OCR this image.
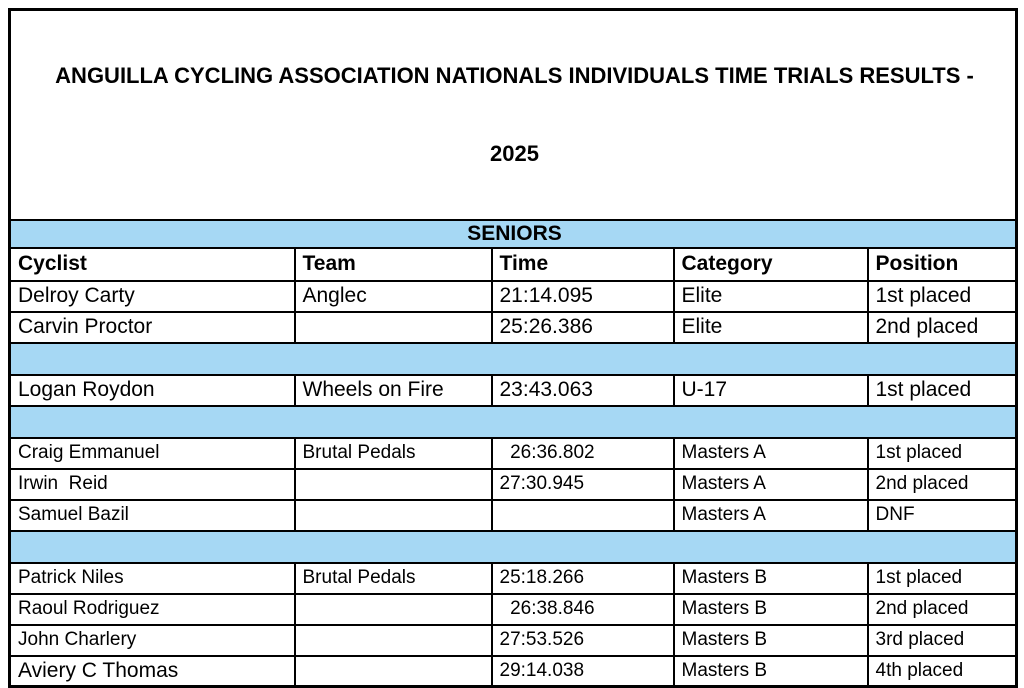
ANGUILLA CYCLING ASSOCIATION NATIONALS INDIVIDUALS TIME TRIALS RESULTS -

2025				

SENIORS				
Cyclist	Team	Time	Category	Position
Delroy Carty	Anglec	21:14.095	Elite	1st placed
Carvin Proctor		25:26.386	Elite	2nd placed

Logan Roydon	Wheels on Fire	23:43.063	U-17	1st placed

Craig Emmanuel	Brutal Pedals	26:36.802	Masters A	1st placed
Irwin  Reid		27:30.945	Masters A	2nd placed
Samuel Bazil			Masters A	DNF

Patrick Niles	Brutal Pedals	25:18.266	Masters B	1st placed
Raoul Rodriguez		26:38.846	Masters B	2nd placed
John Charlery		27:53.526	Masters B	3rd placed
Aviery C Thomas		29:14.038	Masters B	4th placed
